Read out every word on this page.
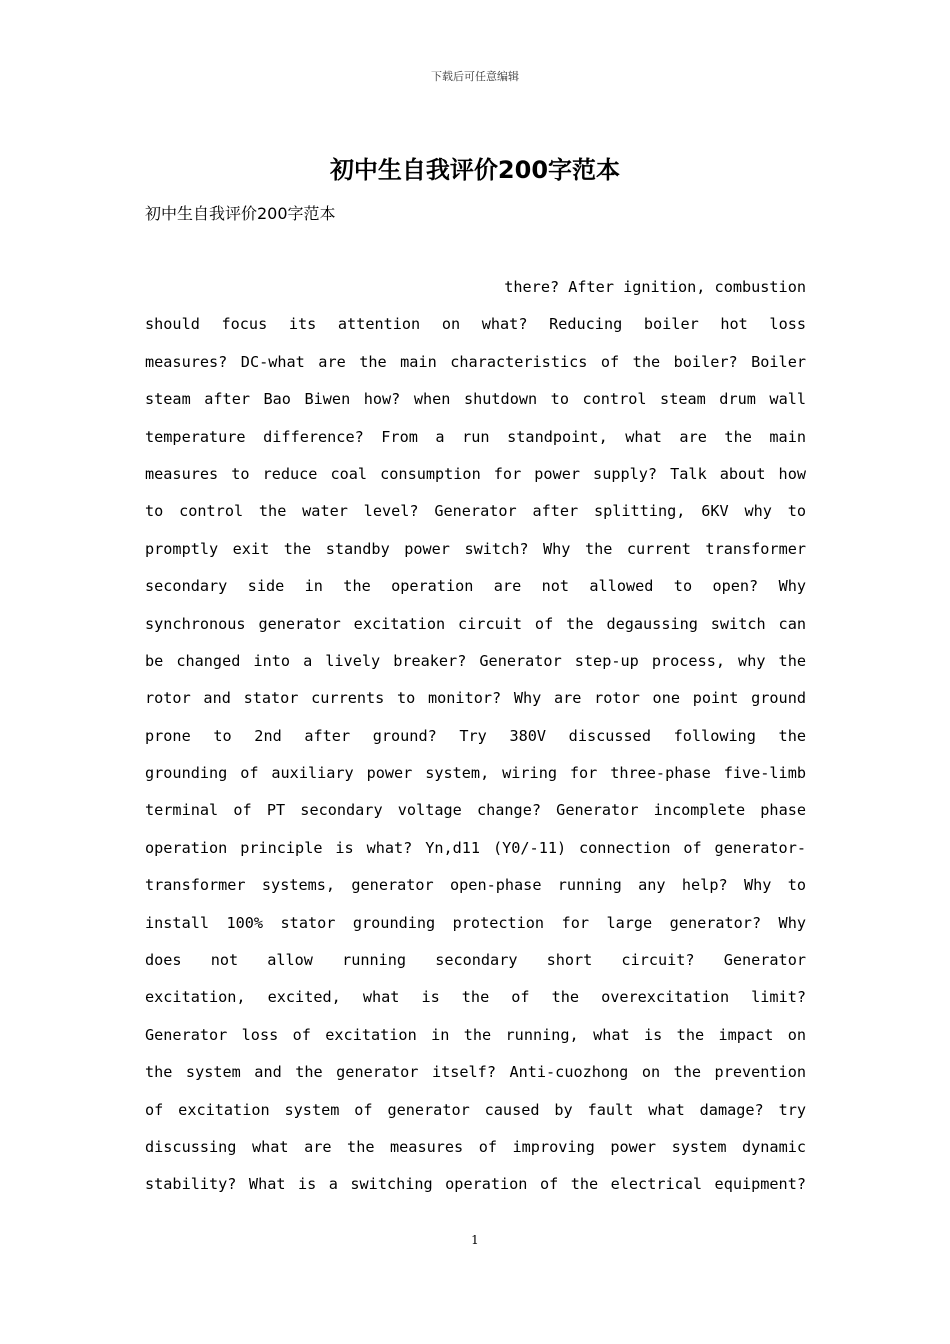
下载后可任意编辑
初中生自我评价200字范本
初中生自我评价200字范本
there? After ignition, combustion
should focus its attention on what? Reducing boiler hot loss
measures? DC-what are the main characteristics of the boiler? Boiler
steam after Bao Biwen how? when shutdown to control steam drum wall
temperature difference? From a run standpoint, what are the main
measures to reduce coal consumption for power supply? Talk about how
to control the water level? Generator after splitting, 6KV why to
promptly exit the standby power switch? Why the current transformer
secondary side in the operation are not allowed to open? Why
synchronous generator excitation circuit of the degaussing switch can
be changed into a lively breaker? Generator step-up process, why the
rotor and stator currents to monitor? Why are rotor one point ground
prone to 2nd after ground? Try 380V discussed following the
grounding of auxiliary power system, wiring for three-phase five-limb
terminal of PT secondary voltage change? Generator incomplete phase
operation principle is what? Yn,d11 (Y0/-11) connection of generator-
transformer systems, generator open-phase running any help? Why to
install 100% stator grounding protection for large generator? Why
does not allow running secondary short circuit? Generator
excitation, excited, what is the of the overexcitation limit?
Generator loss of excitation in the running, what is the impact on
the system and the generator itself? Anti-cuozhong on the prevention
of excitation system of generator caused by fault what damage? try
discussing what are the measures of improving power system dynamic
stability? What is a switching operation of the electrical equipment?
1
